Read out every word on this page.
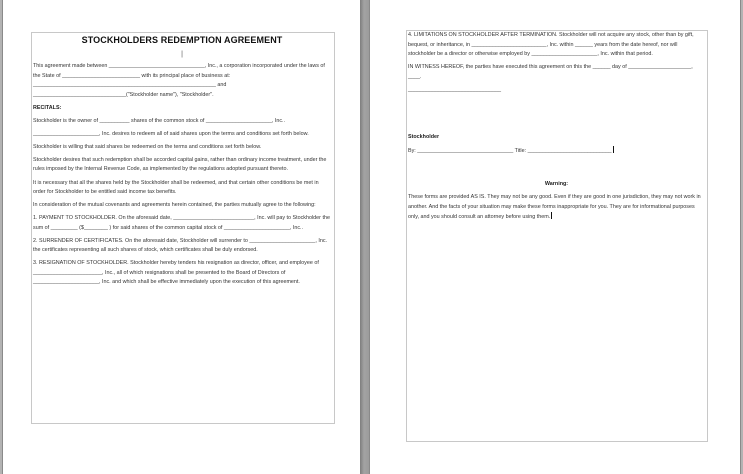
STOCKHOLDERS REDEMPTION AGREEMENT
|

This agreement made between ________________________________, Inc., a corporation incorporated under the laws of the State of __________________________ with its principal place of business at: _____________________________________________________________ and _______________________________("Stockholder name"), "Stockholder".

RECITALS:

Stockholder is the owner of __________ shares of the common stock of ______________________, Inc..

______________________, Inc. desires to redeem all of said shares upon the terms and conditions set forth below.

Stockholder is willing that said shares be redeemed on the terms and conditions set forth below.

Stockholder desires that such redemption shall be accorded capital gains, rather than ordinary income treatment, under the rules imposed by the Internal Revenue Code, as implemented by the regulations adopted pursuant thereto.

It is necessary that all the shares held by the Stockholder shall be redeemed, and that certain other conditions be met in order for Stockholder to be entitled said income tax benefits.

In consideration of the mutual covenants and agreements herein contained, the parties mutually agree to the following:

1. PAYMENT TO STOCKHOLDER. On the aforesaid date, ___________________________, Inc. will pay to Stockholder the sum of _________ ($________ ) for said shares of the common capital stock of ______________________, Inc..

2. SURRENDER OF CERTIFICATES. On the aforesaid date, Stockholder will surrender to ______________________, Inc. the certificates representing all such shares of stock, which certificates shall be duly endorsed.

3. RESIGNATION OF STOCKHOLDER. Stockholder hereby tenders his resignation as director, officer, and employee of _______________________, Inc., all of which resignations shall be presented to the Board of Directors of ______________________, Inc. and which shall be effective immediately upon the execution of this agreement.

4. LIMITATIONS ON STOCKHOLDER AFTER TERMINATION. Stockholder will not acquire any stock, other than by gift, bequest, or inheritance, in _________________________, Inc. within ______ years from the date hereof, nor will stockholder be a director or otherwise employed by ______________________, Inc. within that period.

IN WITNESS HEREOF, the parties have executed this agreement on this the ______ day of _____________________, ____.

_______________________________

Stockholder

By: ________________________________ Title: ____________________________

Warning:

These forms are provided AS IS. They may not be any good. Even if they are good in one jurisdiction, they may not work in another. And the facts of your situation may make these forms inappropriate for you. They are for informational purposes only, and you should consult an attorney before using them.
